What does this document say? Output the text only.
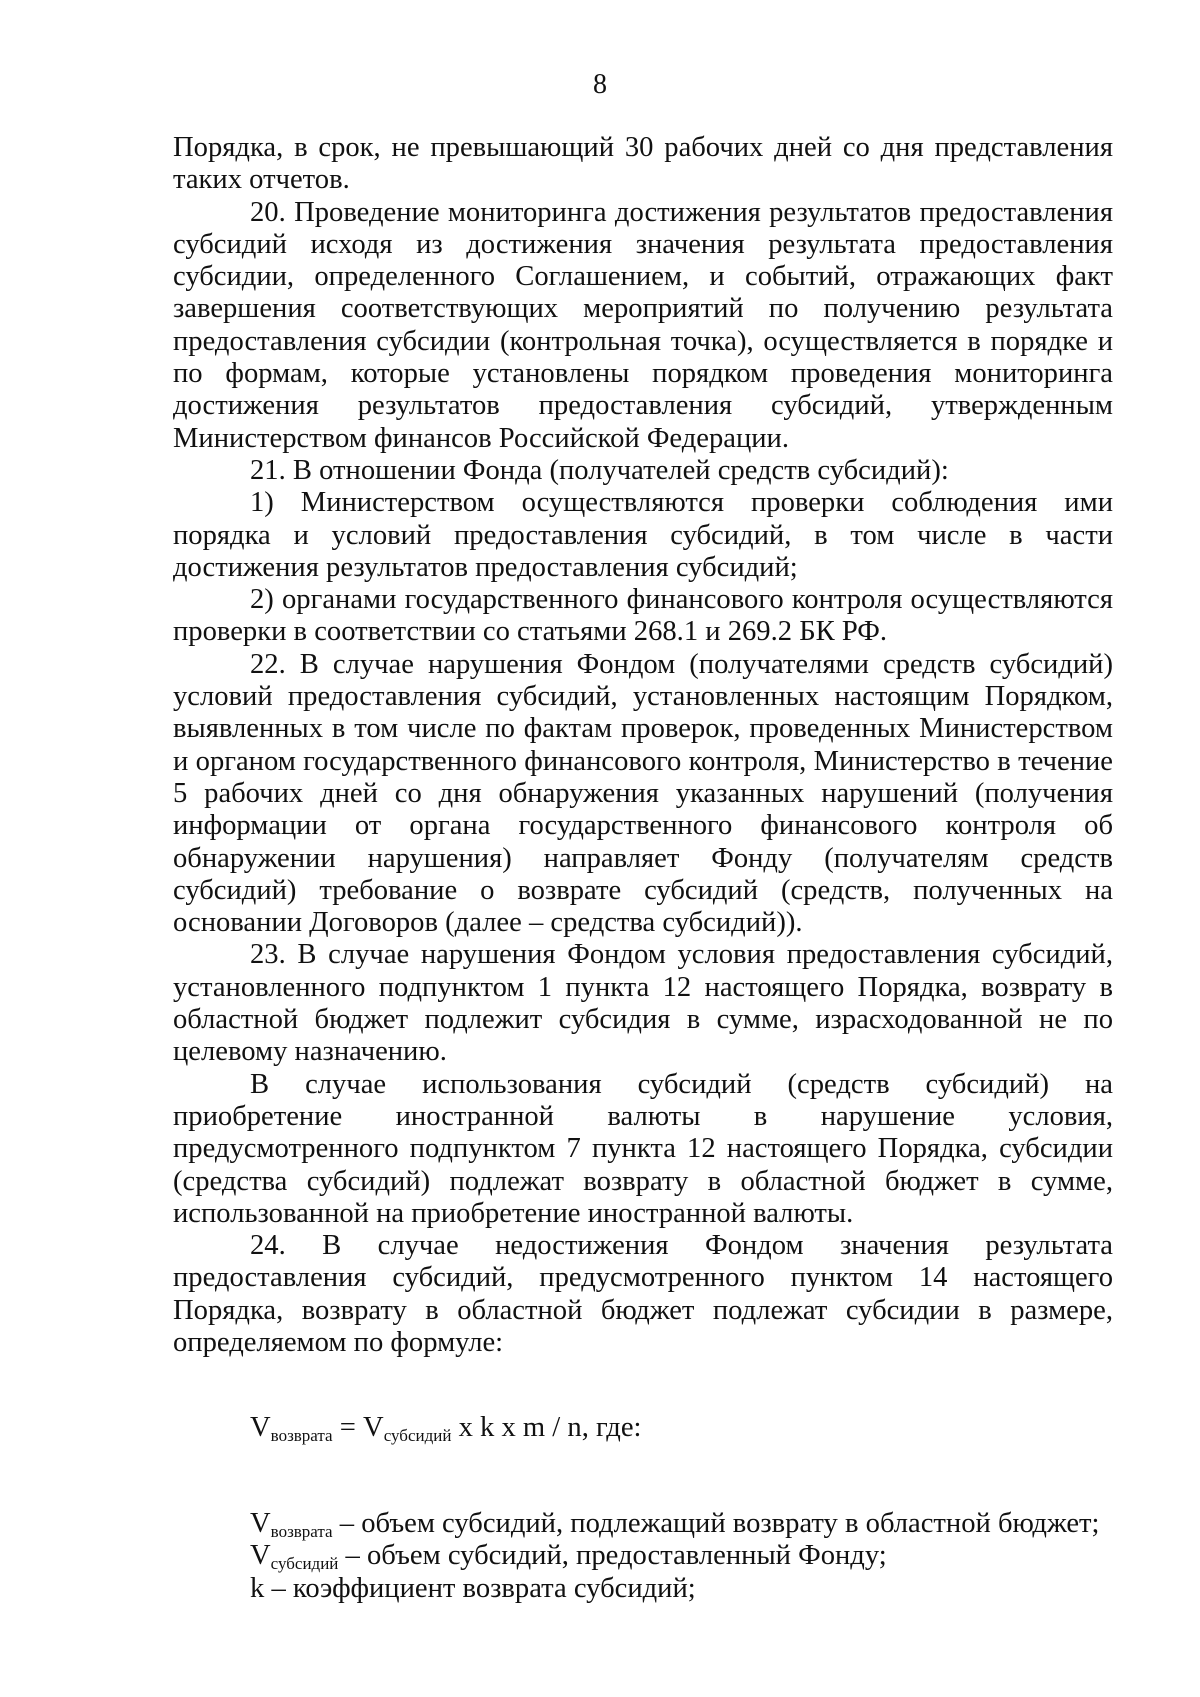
8

Порядка, в срок, не превышающий 30 рабочих дней со дня представления таких отчетов.

20. Проведение мониторинга достижения результатов предоставления субсидий исходя из достижения значения результата предоставления субсидии, определенного Соглашением, и событий, отражающих факт завершения соответствующих мероприятий по получению результата предоставления субсидии (контрольная точка), осуществляется в порядке и по формам, которые установлены порядком проведения мониторинга достижения результатов предоставления субсидий, утвержденным Министерством финансов Российской Федерации.

21. В отношении Фонда (получателей средств субсидий):

1) Министерством осуществляются проверки соблюдения ими порядка и условий предоставления субсидий, в том числе в части достижения результатов предоставления субсидий;

2) органами государственного финансового контроля осуществляются проверки в соответствии со статьями 268.1 и 269.2 БК РФ.

22. В случае нарушения Фондом (получателями средств субсидий) условий предоставления субсидий, установленных настоящим Порядком, выявленных в том числе по фактам проверок, проведенных Министерством и органом государственного финансового контроля, Министерство в течение 5 рабочих дней со дня обнаружения указанных нарушений (получения информации от органа государственного финансового контроля об обнаружении нарушения) направляет Фонду (получателям средств субсидий) требование о возврате субсидий (средств, полученных на основании Договоров (далее – средства субсидий)).

23. В случае нарушения Фондом условия предоставления субсидий, установленного подпунктом 1 пункта 12 настоящего Порядка, возврату в областной бюджет подлежит субсидия в сумме, израсходованной не по целевому назначению.

В случае использования субсидий (средств субсидий) на приобретение иностранной валюты в нарушение условия, предусмотренного подпунктом 7 пункта 12 настоящего Порядка, субсидии (средства субсидий) подлежат возврату в областной бюджет в сумме, использованной на приобретение иностранной валюты.

24. В случае недостижения Фондом значения результата предоставления субсидий, предусмотренного пунктом 14 настоящего Порядка, возврату в областной бюджет подлежат субсидии в размере, определяемом по формуле:

$V_{возврата} = V_{субсидий}$ x k x m / n, где:

$V_{возврата}$ – объем субсидий, подлежащий возврату в областной бюджет;

$V_{субсидий}$ – объем субсидий, предоставленный Фонду;

k – коэффициент возврата субсидий;
